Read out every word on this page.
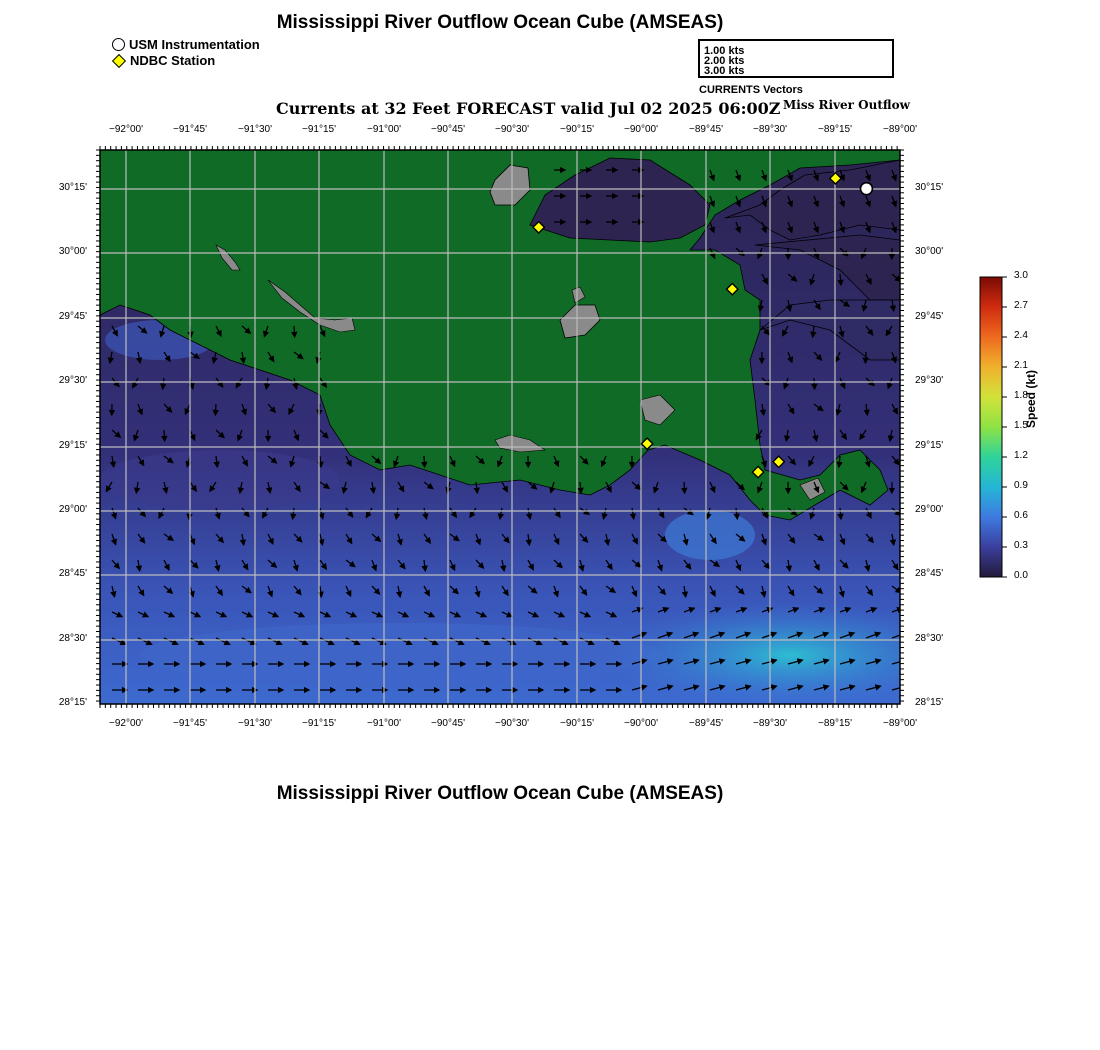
Mississippi River Outflow Ocean Cube (AMSEAS)
Mississippi River Outflow Ocean Cube (AMSEAS)
USM Instrumentation
NDBC Station
1.00 kts
2.00 kts
3.00 kts
CURRENTS Vectors
Currents at 32 Feet FORECAST valid Jul 02 2025 06:00Z Miss River Outflow
−92°00'	−91°45'	−91°30'	−91°15'	−91°00'	−90°45'	−90°30'	−90°15'	−90°00'	−89°45'	−89°30'	−89°15'	−89°00'
−92°00'	−91°45'	−91°30'	−91°15'	−91°00'	−90°45'	−90°30'	−90°15'	−90°00'	−89°45'	−89°30'	−89°15'	−89°00'
30°15'
30°00'
29°45'
29°30'
29°15'
29°00'
28°45'
28°30'
28°15'
30°15'
30°00'
29°45'
29°30'
29°15'
29°00'
28°45'
28°30'
28°15'
3.0
2.7
2.4
2.1
1.8
1.5
1.2
0.9
0.6
0.3
0.0
Speed (kt)
